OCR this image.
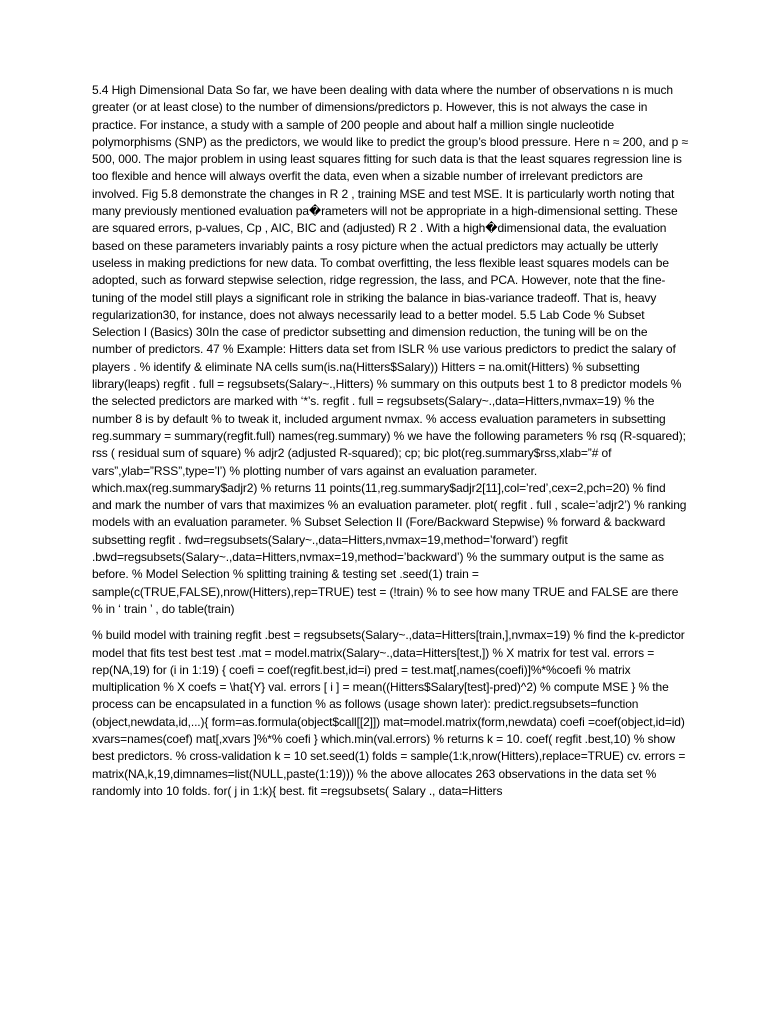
5.4 High Dimensional Data So far, we have been dealing with data where the number of observations n is much greater (or at least close) to the number of dimensions/predictors p. However, this is not always the case in practice. For instance, a study with a sample of 200 people and about half a million single nucleotide polymorphisms (SNP) as the predictors, we would like to predict the group’s blood pressure. Here n ≈ 200, and p ≈ 500, 000. The major problem in using least squares fitting for such data is that the least squares regression line is too flexible and hence will always overfit the data, even when a sizable number of irrelevant predictors are involved. Fig 5.8 demonstrate the changes in R 2 , training MSE and test MSE. It is particularly worth noting that many previously mentioned evaluation pa�rameters will not be appropriate in a high-dimensional setting. These are squared errors, p-values, Cp , AIC, BIC and (adjusted) R 2 . With a high�dimensional data, the evaluation based on these parameters invariably paints a rosy picture when the actual predictors may actually be utterly useless in making predictions for new data. To combat overfitting, the less flexible least squares models can be adopted, such as forward stepwise selection, ridge regression, the lass, and PCA. However, note that the fine-tuning of the model still plays a significant role in striking the balance in bias-variance tradeoff. That is, heavy regularization30, for instance, does not always necessarily lead to a better model. 5.5 Lab Code % Subset Selection I (Basics) 30In the case of predictor subsetting and dimension reduction, the tuning will be on the number of predictors. 47 % Example: Hitters data set from ISLR % use various predictors to predict the salary of players . % identify & eliminate NA cells sum(is.na(Hitters$Salary)) Hitters = na.omit(Hitters) % subsetting library(leaps) regfit . full = regsubsets(Salary~.,Hitters) % summary on this outputs best 1 to 8 predictor models % the selected predictors are marked with ‘*’s. regfit . full = regsubsets(Salary~.,data=Hitters,nvmax=19) % the number 8 is by default % to tweak it, included argument nvmax. % access evaluation parameters in subsetting reg.summary = summary(regfit.full) names(reg.summary) % we have the following parameters % rsq (R-squared); rss ( residual sum of square) % adjr2 (adjusted R-squared); cp; bic plot(reg.summary$rss,xlab=”# of vars”,ylab=”RSS”,type=’l’) % plotting number of vars against an evaluation parameter. which.max(reg.summary$adjr2) % returns 11 points(11,reg.summary$adjr2[11],col=’red’,cex=2,pch=20) % find and mark the number of vars that maximizes % an evaluation parameter. plot( regfit . full , scale=’adjr2’) % ranking models with an evaluation parameter. % Subset Selection II (Fore/Backward Stepwise) % forward & backward subsetting regfit . fwd=regsubsets(Salary~.,data=Hitters,nvmax=19,method=’forward’) regfit .bwd=regsubsets(Salary~.,data=Hitters,nvmax=19,method=’backward’) % the summary output is the same as before. % Model Selection % splitting training & testing set .seed(1) train = sample(c(TRUE,FALSE),nrow(Hitters),rep=TRUE) test = (!train) % to see how many TRUE and FALSE are there % in ‘ train ’ , do table(train)

% build model with training regfit .best = regsubsets(Salary~.,data=Hitters[train,],nvmax=19) % find the k-predictor model that fits test best test .mat = model.matrix(Salary~.,data=Hitters[test,]) % X matrix for test val. errors = rep(NA,19) for (i in 1:19) { coefi = coef(regfit.best,id=i) pred = test.mat[,names(coefi)]%*%coefi % matrix multiplication % X coefs = \hat{Y} val. errors [ i ] = mean((Hitters$Salary[test]-pred)^2) % compute MSE } % the process can be encapsulated in a function % as follows (usage shown later): predict.regsubsets=function (object,newdata,id,...){ form=as.formula(object$call[[2]]) mat=model.matrix(form,newdata) coefi =coef(object,id=id) xvars=names(coef) mat[,xvars ]%*% coefi } which.min(val.errors) % returns k = 10. coef( regfit .best,10) % show best predictors. % cross-validation k = 10 set.seed(1) folds = sample(1:k,nrow(Hitters),replace=TRUE) cv. errors = matrix(NA,k,19,dimnames=list(NULL,paste(1:19))) % the above allocates 263 observations in the data set % randomly into 10 folds. for( j in 1:k){ best. fit =regsubsets( Salary ., data=Hitters
